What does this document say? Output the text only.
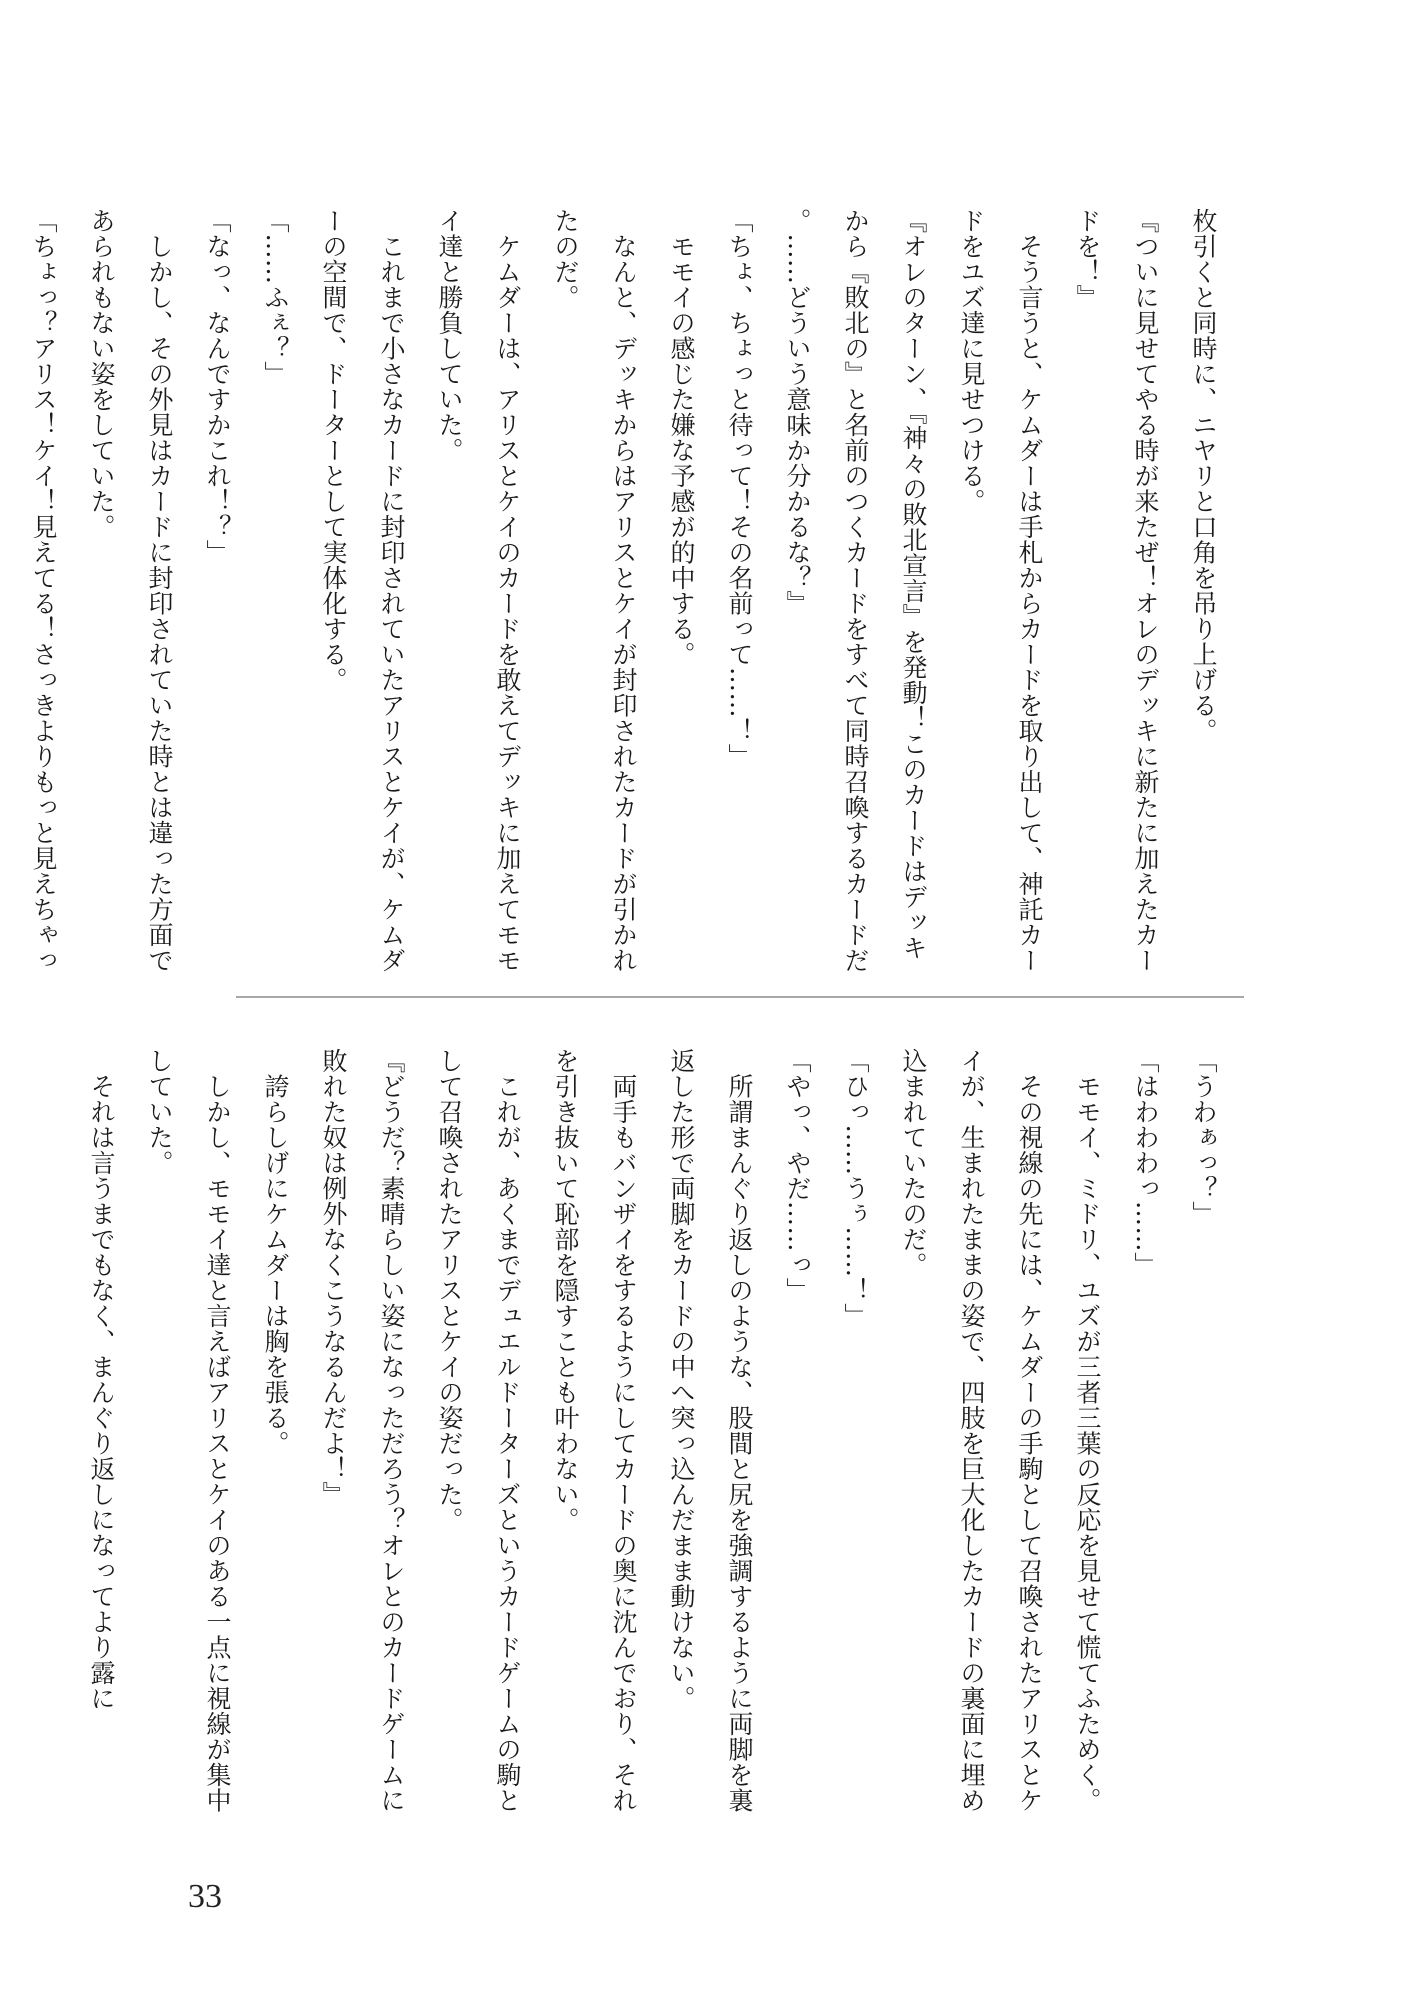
枚引くと同時に、ニヤリと口角を吊り上げる。

『ついに見せてやる時が来たぜ！オレのデッキに新たに加えたカードを！』

　そう言うと、ケムダーは手札からカードを取り出して、神託カードをユズ達に見せつける。

『オレのターン、『神々の敗北宣言』を発動！このカードはデッキから『敗北の』と名前のつくカードをすべて同時召喚するカードだ。……どういう意味か分かるな？』

「ちょ、ちょっと待って！その名前って……！」

　モモイの感じた嫌な予感が的中する。

　なんと、デッキからはアリスとケイが封印されたカードが引かれたのだ。

　ケムダーは、アリスとケイのカードを敢えてデッキに加えてモモイ達と勝負していた。

　これまで小さなカードに封印されていたアリスとケイが、ケムダーの空間で、ドーターとして実体化する。

「……ふぇ？」

「なっ、なんですかこれ！？」

　しかし、その外見はカードに封印されていた時とは違った方面であられもない姿をしていた。

「ちょっ？アリス！ケイ！見えてる！さっきよりもっと見えちゃっ

「うわぁっ？」

「はわわわっ……」

　モモイ、ミドリ、ユズが三者三葉の反応を見せて慌てふためく。

　その視線の先には、ケムダーの手駒として召喚されたアリスとケイが、生まれたままの姿で、四肢を巨大化したカードの裏面に埋め込まれていたのだ。

「ひっ……うぅ……！」

「やっ、やだ……っ」

　所謂まんぐり返しのような、股間と尻を強調するように両脚を裏返した形で両脚をカードの中へ突っ込んだまま動けない。

　両手もバンザイをするようにしてカードの奥に沈んでおり、それを引き抜いて恥部を隠すことも叶わない。

　これが、あくまでデュエルドーターズというカードゲームの駒として召喚されたアリスとケイの姿だった。

『どうだ？素晴らしい姿になっただろう？オレとのカードゲームに敗れた奴は例外なくこうなるんだよ！』

　誇らしげにケムダーは胸を張る。

　しかし、モモイ達と言えばアリスとケイのある一点に視線が集中していた。

　それは言うまでもなく、まんぐり返しになってより露に

33
